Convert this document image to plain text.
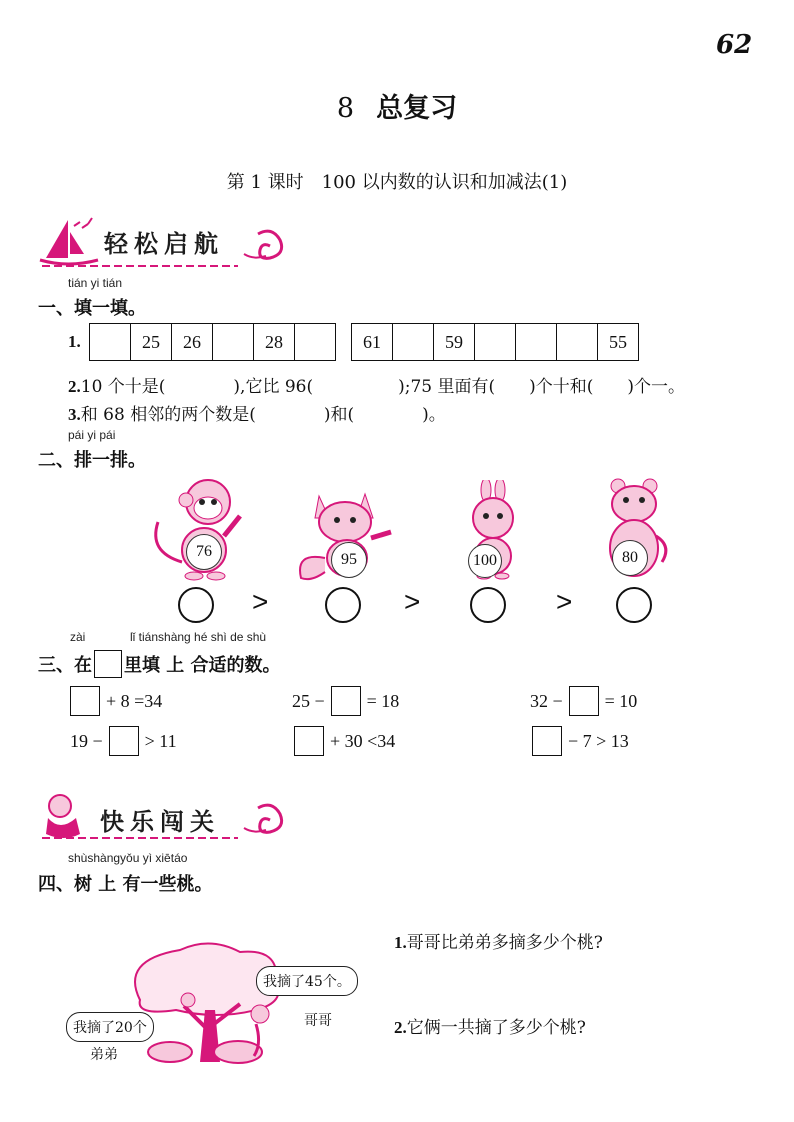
62
8 总复习
第 1 课时　100 以内数的认识和加减法(1)
轻松启航
tián yi tián
一、填一填。
1.	25	26	28	61	59	55
2.10 个十是(　　　　),它比 96(　　　　　);75 里面有(　　)个十和(　　)个一。
3.和 68 相邻的两个数是(　　　　)和(　　　　)。
pái yi pái
二、排一排。
76	95	100	80
>	>	>
zài	lǐ tiánshàng hé shì de shù
三、在 里填 上 合适的数。
+ 8 =34	25 − = 18	32 − = 10
19 − > 11	+ 30 <34	− 7 > 13
快乐闯关
shùshàngyǒu yì xiētáo
四、树 上 有一些桃。
我摘了45个。
我摘了20个	哥哥
弟弟
1.哥哥比弟弟多摘多少个桃?
2.它俩一共摘了多少个桃?
